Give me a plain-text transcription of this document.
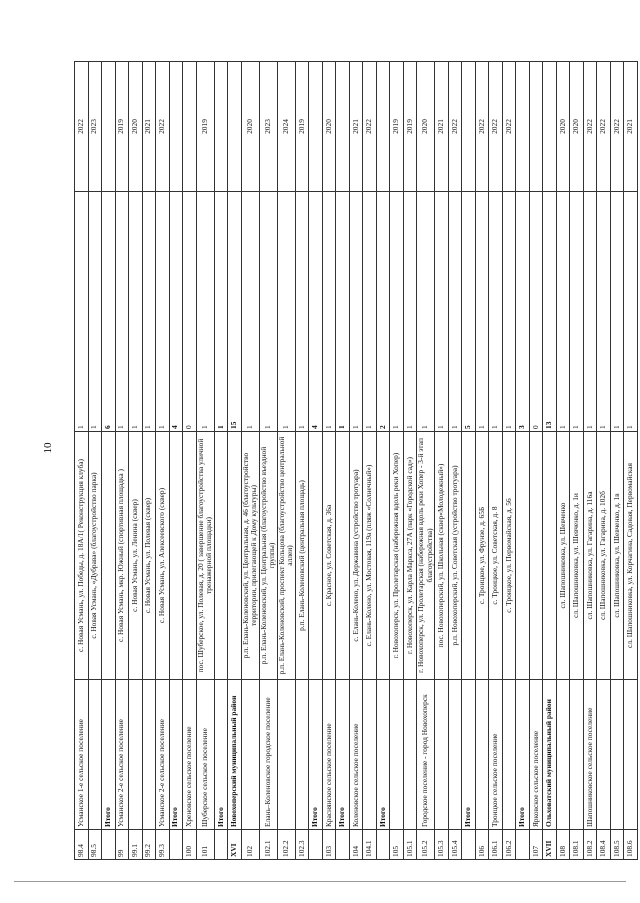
10
98.4	Усманское 1-е сельское поселение	с. Новая Усмань, ул. Победы, д. 18А/1( Реконструкция клуба)	1	2022
98.5		с. Новая Усмань, «Дубрава» (благоустройство парка)	1	2023
	Итого		6	
99	Усманское 2-е сельское поселение	с. Новая Усмань, мкр. Южный (спортивная площадка )	1	2019
99.1		с. Новая Усмань, ул. Ленина (сквер)	1	2020
99.2		с. Новая Усмань, ул. Полевая (сквер)	1	2021
99.3	Усманское 2-е сельское поселение	с. Новая Усмань, ул. Алексеевского (сквер)	1	2022
	Итого		4	
100	Хреновское сельское поселение		0	
101	Шуберское сельское поселение	пос. Шуберское, ул. Полевая, д. 20 ( завершение благоустройства уличной тренажерной площадки)	1	2019
	Итого		1	
XVI	Новохоперский муниципальный район		15	
102		р.п. Елань-Коленовский, ул. Центральная, д. 46 (благоустройство территории, прилегающей к Дому культуры)	1	2020
102.1	Елань–Коленовское городское поселение	р.п. Елань-Коленовский, ул. Центральная (благоустройство въездной группы)	1	2023
102.2		р.п. Елань-Коленовский, проспект Кольцова (благоустройство центральной аллеи)	1	2024
102.3		р.п. Елань-Коленовский (центральная площадь)	1	2019
	Итого		4	
103	Краснянское сельское поселение	с. Красное, ул. Советская, д. 36а	1	2020
	Итого		1	
104	Коленовское сельское поселение	с. Елань-Колено, ул. Державина (устройство тротуара)	1	2021
104.1		с. Елань-Колено, ул. Мостовая, 119а (пляж «Солнечный»)	1	2022
	Итого		2	
105		г. Новохоперск, ул. Пролетарская (набережная вдоль реки Хопер)	1	2019
105.1		г. Новохоперск, ул. Карла Маркса, 27А (парк «Городской сад»)	1	2019
105.2	Городское поселение - город Новохоперск	г. Новохоперск, ул. Пролетарская (набережная вдоль реки Хопер - 3-й этап благоустройства)	1	2020
105.3		пос. Новохоперский, ул. Школьная (сквер«Молодежный»)	1	2021
105.4		р.п. Новохоперский, ул. Советская (устройство тротуара)	1	2022
	Итого		5	
106		с. Троицкое, ул. Фрунзе, д. 65Б	1	2022
106.1	Троицкое сельское поселение	с. Троицкое, ул. Советская, д. 8	1	2022
106.2		с. Троицкое, ул. Первомайская, д. 56	1	2022
	Итого		3	
107	Ярковское сельское поселение		0	
XVII	Ольховатский муниципальный район		13	
108		сл. Шапошниковка, ул. Шевченко	1	2020
108.1		сл. Шапошниковка, ул. Шевченко, д. 1и	1	2020
108.2	Шапошниковское сельское поселение	сл. Шапошниковка, ул. Гагарина, д. 116а	1	2022
108.4		сл. Шапошниковка, ул. Гагарина, д. 102б	1	2022
108.5		сл. Шапошниковка, ул. Шевченко, д. 1в	1	2022
108.6		сл. Шапошниковка, ул. Корчагина, Садовая, Первомайская	1	2021
